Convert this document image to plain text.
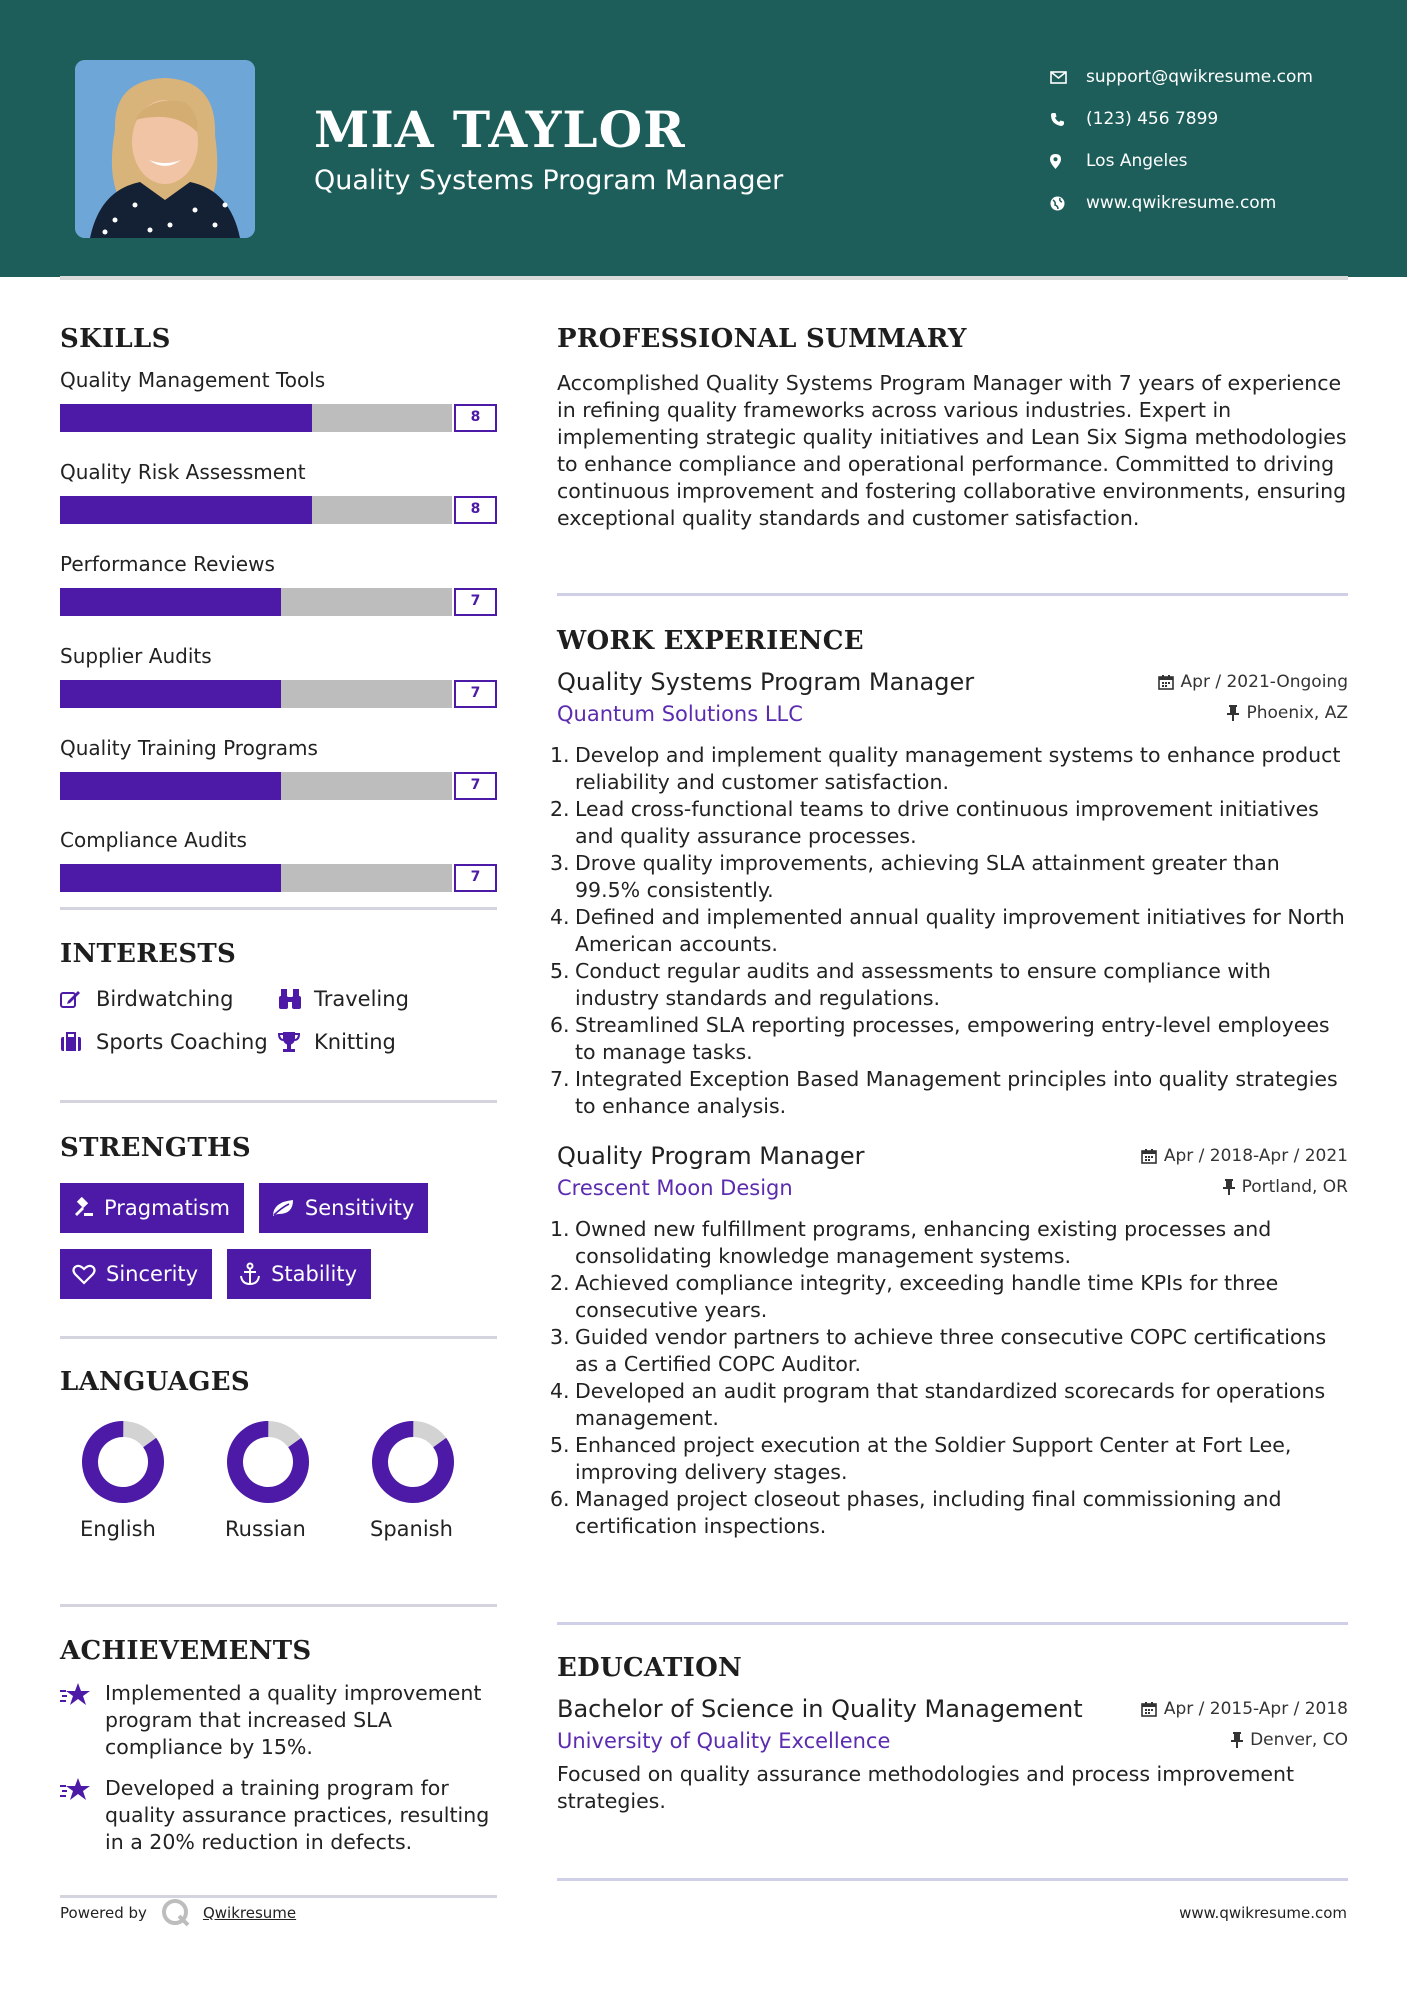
MIA TAYLOR
Quality Systems Program Manager
support@qwikresume.com
(123) 456 7899
Los Angeles
www.qwikresume.com
SKILLS
Quality Management Tools
8
Quality Risk Assessment
8
Performance Reviews
7
Supplier Audits
7
Quality Training Programs
7
Compliance Audits
7
INTERESTS
Birdwatching	Traveling
Sports Coaching Knitting
STRENGTHS
Pragmatism	Sensitivity
Sincerity	Stability
LANGUAGES
English	Russian	Spanish
ACHIEVEMENTS
Implemented a quality improvement program that increased SLA compliance by 15%.
Developed a training program for quality assurance practices, resulting in a 20% reduction in defects.
PROFESSIONAL SUMMARY
Accomplished Quality Systems Program Manager with 7 years of experience in refining quality frameworks across various industries. Expert in implementing strategic quality initiatives and Lean Six Sigma methodologies to enhance compliance and operational performance. Committed to driving continuous improvement and fostering collaborative environments, ensuring exceptional quality standards and customer satisfaction.
WORK EXPERIENCE
Quality Systems Program Manager	Apr / 2021-Ongoing
Quantum Solutions LLC	Phoenix, AZ
1. Develop and implement quality management systems to enhance product reliability and customer satisfaction.
2. Lead cross-functional teams to drive continuous improvement initiatives and quality assurance processes.
3. Drove quality improvements, achieving SLA attainment greater than 99.5% consistently.
4. Defined and implemented annual quality improvement initiatives for North American accounts.
5. Conduct regular audits and assessments to ensure compliance with industry standards and regulations.
6. Streamlined SLA reporting processes, empowering entry-level employees to manage tasks.
7. Integrated Exception Based Management principles into quality strategies to enhance analysis.
Quality Program Manager	Apr / 2018-Apr / 2021
Crescent Moon Design	Portland, OR
1. Owned new fulfillment programs, enhancing existing processes and consolidating knowledge management systems.
2. Achieved compliance integrity, exceeding handle time KPIs for three consecutive years.
3. Guided vendor partners to achieve three consecutive COPC certifications as a Certified COPC Auditor.
4. Developed an audit program that standardized scorecards for operations management.
5. Enhanced project execution at the Soldier Support Center at Fort Lee, improving delivery stages.
6. Managed project closeout phases, including final commissioning and certification inspections.
EDUCATION
Bachelor of Science in Quality Management	Apr / 2015-Apr / 2018
University of Quality Excellence	Denver, CO
Focused on quality assurance methodologies and process improvement strategies.
Powered by	Qwikresume	www.qwikresume.com
